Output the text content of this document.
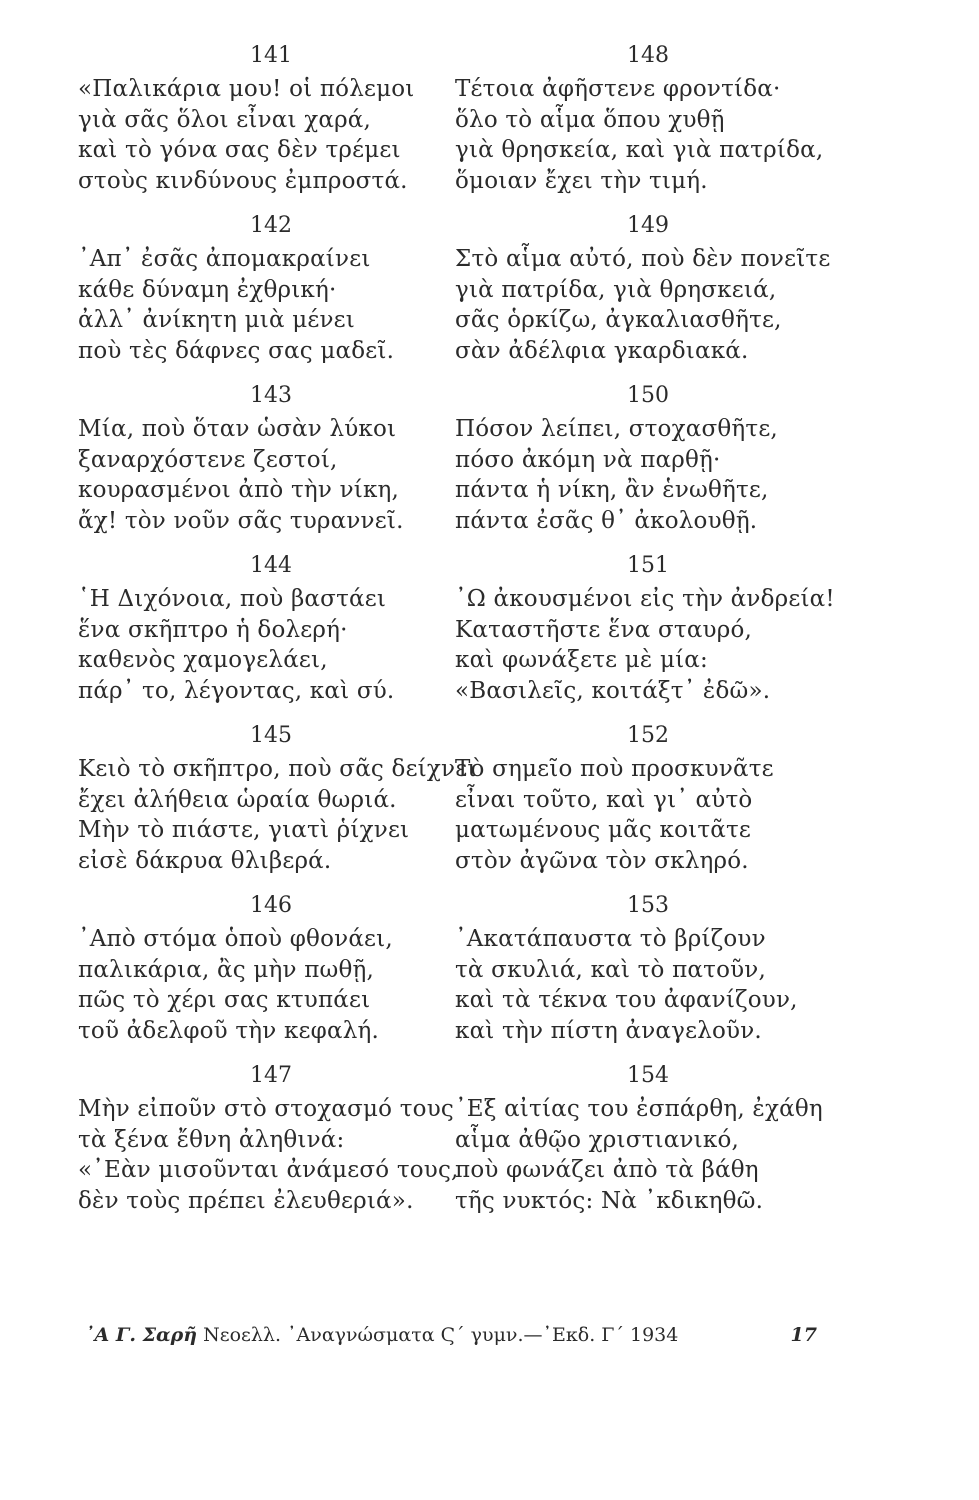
141
«Παλικάρια μου! οἱ πόλεμοι
γιὰ σᾶς ὅλοι εἶναι χαρά,
καὶ τὸ γόνα σας δὲν τρέμει
στοὺς κινδύνους ἐμπροστά.
142
᾿Απ᾿ ἐσᾶς ἀπομακραίνει
κάθε δύναμη ἐχθρική·
ἀλλ᾿ ἀνίκητη μιὰ μένει
ποὺ τὲς δάφνες σας μαδεῖ.
143
Μία, ποὺ ὅταν ὡσὰν λύκοι
ξαναρχόστενε ζεστοί,
κουρασμένοι ἀπὸ τὴν νίκη,
ἄχ! τὸν νοῦν σᾶς τυραννεῖ.
144
῾Η Διχόνοια, ποὺ βαστάει
ἕνα σκῆπτρο ἡ δολερή·
καθενὸς χαμογελάει,
πάρ᾿ το, λέγοντας, καὶ σύ.
145
Κειὸ τὸ σκῆπτρο, ποὺ σᾶς δείχνει
ἔχει ἀλήθεια ὡραία θωριά.
Μὴν τὸ πιάστε, γιατὶ ῥίχνει
εἰσὲ δάκρυα θλιβερά.
146
᾿Απὸ στόμα ὁποὺ φθονάει,
παλικάρια, ἂς μὴν πωθῇ,
πῶς τὸ χέρι σας κτυπάει
τοῦ ἀδελφοῦ τὴν κεφαλή.
147
Μὴν εἰποῦν στὸ στοχασμό τους
τὰ ξένα ἔθνη ἀληθινά:
«᾿Εὰν μισοῦνται ἀνάμεσό τους,
δὲν τοὺς πρέπει ἐλευθεριά».
148
Τέτοια ἀφῆστενε φροντίδα·
ὅλο τὸ αἷμα ὅπου χυθῇ
γιὰ θρησκεία, καὶ γιὰ πατρίδα,
ὅμοιαν ἔχει τὴν τιμή.
149
Στὸ αἷμα αὐτό, ποὺ δὲν πονεῖτε
γιὰ πατρίδα, γιὰ θρησκειά,
σᾶς ὁρκίζω, ἀγκαλιασθῆτε,
σὰν ἀδέλφια γκαρδιακά.
150
Πόσον λείπει, στοχασθῆτε,
πόσο ἀκόμη νὰ παρθῇ·
πάντα ἡ νίκη, ἂν ἑνωθῆτε,
πάντα ἐσᾶς θ᾿ ἀκολουθῇ.
151
᾿Ω ἀκουσμένοι εἰς τὴν ἀνδρεία!
Καταστῆστε ἕνα σταυρό,
καὶ φωνάξετε μὲ μία:
«Βασιλεῖς, κοιτάξτ᾿ ἐδῶ».
152
Τὸ σημεῖο ποὺ προσκυνᾶτε
εἶναι τοῦτο, καὶ γι᾿ αὐτὸ
ματωμένους μᾶς κοιτᾶτε
στὸν ἀγῶνα τὸν σκληρό.
153
᾿Ακατάπαυστα τὸ βρίζουν
τὰ σκυλιά, καὶ τὸ πατοῦν,
καὶ τὰ τέκνα του ἀφανίζουν,
καὶ τὴν πίστη ἀναγελοῦν.
154
᾿Εξ αἰτίας του ἐσπάρθη, ἐχάθη
αἷμα ἀθῷο χριστιανικό,
ποὺ φωνάζει ἀπὸ τὰ βάθη
τῆς νυκτός: Νὰ ᾿κδικηθῶ.
᾿Α Γ. Σαρῆ Νεοελλ. ᾿Αναγνώσματα Ϛ΄ γυμν.—᾿Εκδ. Γ΄ 1934	17
